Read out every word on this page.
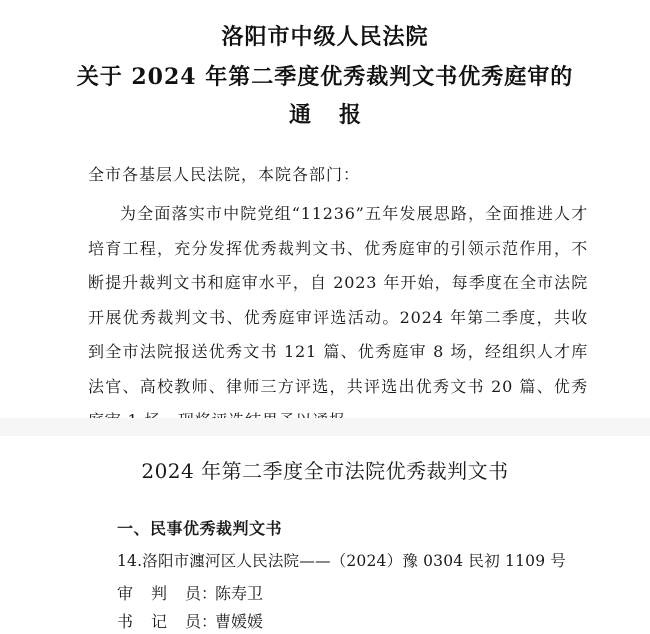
洛阳市中级人民法院
关于 2024 年第二季度优秀裁判文书优秀庭审的
通报
全市各基层人民法院，本院各部门：
为全面落实市中院党组“11236”五年发展思路，全面推进人才培育工程，充分发挥优秀裁判文书、优秀庭审的引领示范作用，不断提升裁判文书和庭审水平，自 2023 年开始，每季度在全市法院开展优秀裁判文书、优秀庭审评选活动。2024 年第二季度，共收到全市法院报送优秀文书 121 篇、优秀庭审 8 场，经组织人才库法官、高校教师、律师三方评选，共评选出优秀文书 20 篇、优秀
2024 年第二季度全市法院优秀裁判文书
一、民事优秀裁判文书
14.洛阳市瀍河区人民法院——（2024）豫 0304 民初 1109 号
审 判 员 ：
陈寿卫
书 记 员 ：
曹媛媛
